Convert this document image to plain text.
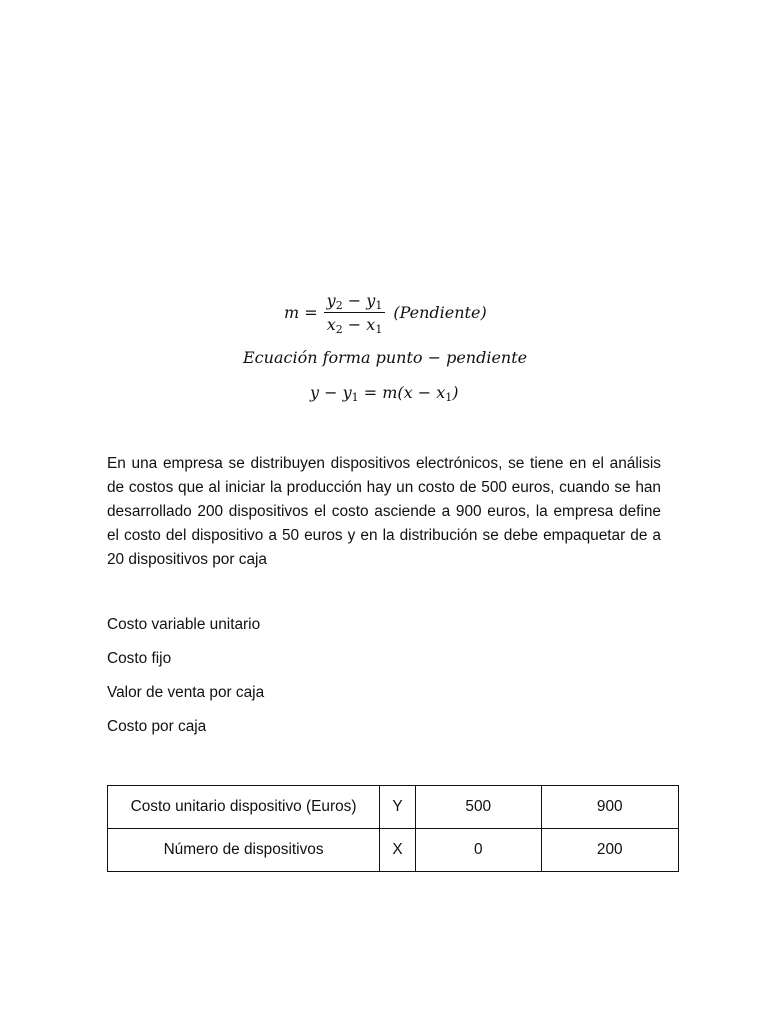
$m = \frac{y_2 - y_1}{x_2 - x_1}$ (Pendiente)
Ecuación forma punto − pendiente
$y - y_1 = m(x - x_1)$

En una empresa se distribuyen dispositivos electrónicos, se tiene en el análisis de costos que al iniciar la producción hay un costo de 500 euros, cuando se han desarrollado 200 dispositivos el costo asciende a 900 euros, la empresa define el costo del dispositivo a 50 euros y en la distribución se debe empaquetar de a 20 dispositivos por caja

Costo variable unitario

Costo fijo

Valor de venta por caja

Costo por caja

Costo unitario dispositivo (Euros)	Y	500	900
Número de dispositivos	X	0	200
